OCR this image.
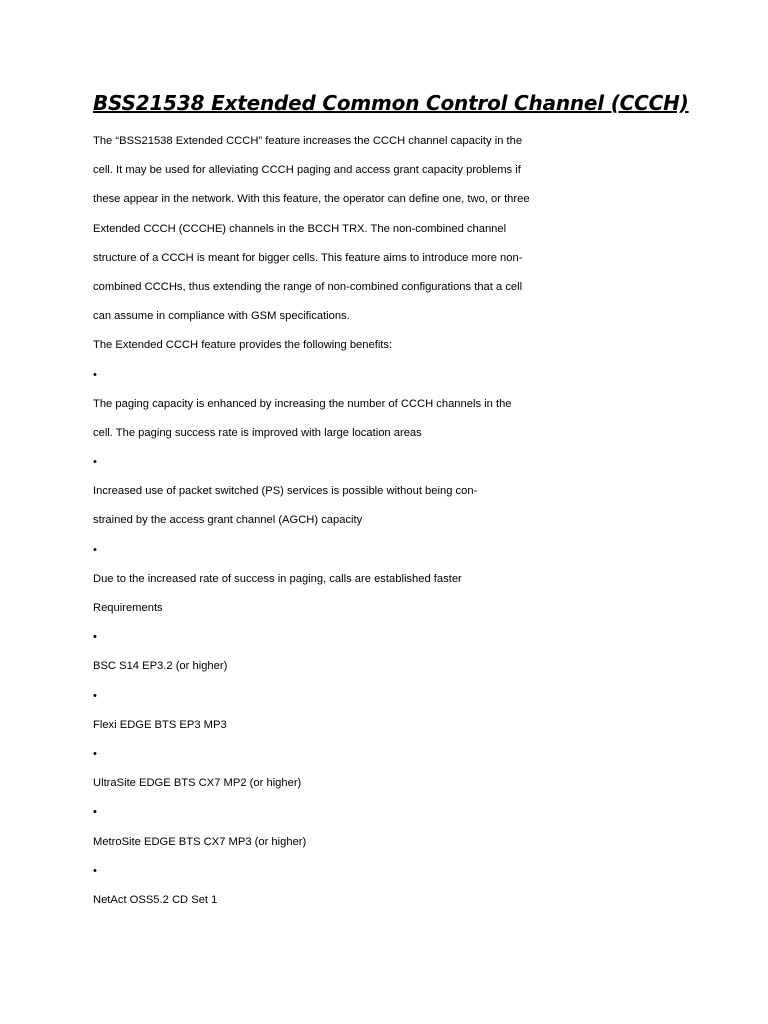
BSS21538 Extended Common Control Channel (CCCH)
The “BSS21538 Extended CCCH” feature increases the CCCH channel capacity in the
cell. It may be used for alleviating CCCH paging and access grant capacity problems if
these appear in the network. With this feature, the operator can define one, two, or three
Extended CCCH (CCCHE) channels in the BCCH TRX. The non-combined channel
structure of a CCCH is meant for bigger cells. This feature aims to introduce more non-
combined CCCHs, thus extending the range of non-combined configurations that a cell
can assume in compliance with GSM specifications.
The Extended CCCH feature provides the following benefits:
•
The paging capacity is enhanced by increasing the number of CCCH channels in the
cell. The paging success rate is improved with large location areas
•
Increased use of packet switched (PS) services is possible without being con-
strained by the access grant channel (AGCH) capacity
•
Due to the increased rate of success in paging, calls are established faster
Requirements
•
BSC S14 EP3.2 (or higher)
•
Flexi EDGE BTS EP3 MP3
•
UltraSite EDGE BTS CX7 MP2 (or higher)
•
MetroSite EDGE BTS CX7 MP3 (or higher)
•
NetAct OSS5.2 CD Set 1
